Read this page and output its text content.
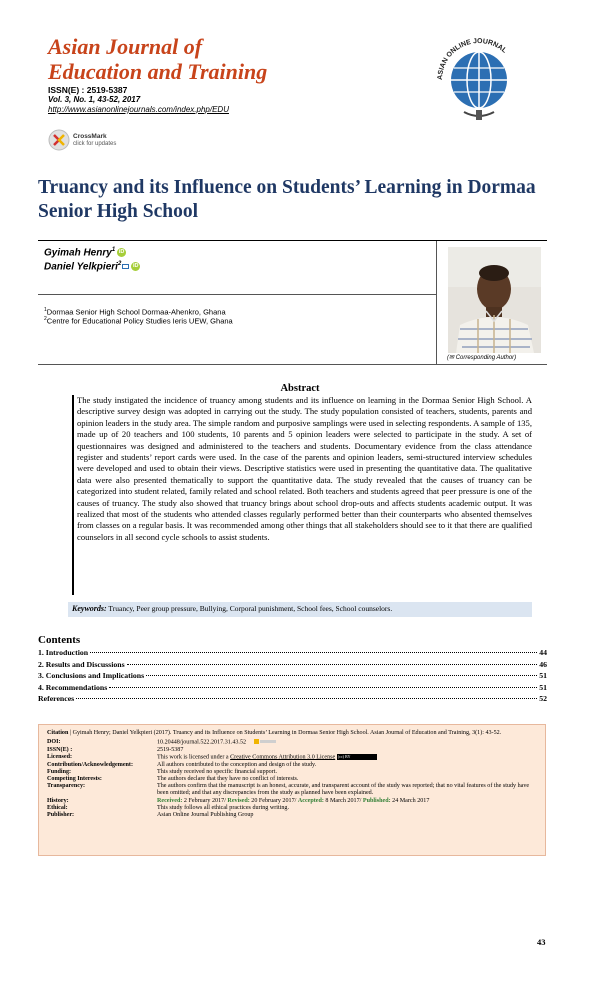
Asian Journal of
Education and Training
ISSN(E) : 2519-5387
Vol. 3, No. 1, 43-52, 2017
http://www.asianonlinejournals.com/index.php/EDU
CrossMark
click for updates
ASIAN ONLINE JOURNAL
Truancy and its Influence on Students’ Learning in Dormaa Senior High School
Gyimah Henry$^1$ iD
Daniel Yelkpieri$^2$ iD
$^1$Dormaa Senior High School Dormaa-Ahenkro, Ghana
$^2$Centre for Educational Policy Studies Ieris UEW, Ghana
(✉ Corresponding Author)
Abstract
The study instigated the incidence of truancy among students and its influence on learning in the Dormaa Senior High School. A descriptive survey design was adopted in carrying out the study. The study population consisted of teachers, students, parents and opinion leaders in the study area. The simple random and purposive samplings were used in selecting respondents. A sample of 135, made up of 20 teachers and 100 students, 10 parents and 5 opinion leaders were selected to participate in the study. A set of questionnaires was designed and administered to the teachers and students. Documentary evidence from the class attendance register and students’ report cards were used. In the case of the parents and opinion leaders, semi-structured interview schedules were developed and used to obtain their views. Descriptive statistics were used in presenting the quantitative data. The qualitative data were also presented thematically to support the quantitative data. The study revealed that the causes of truancy can be categorized into student related, family related and school related. Both teachers and students agreed that peer pressure is one of the causes of truancy. The study also showed that truancy brings about school drop-outs and affects students academic output. It was realized that most of the students who attended classes regularly performed better than their counterparts who absented themselves from classes on a regular basis. It was recommended among other things that all stakeholders should see to it that there are qualified counselors in all second cycle schools to assist students.
Keywords: Truancy, Peer group pressure, Bullying, Corporal punishment, School fees, School counselors.
Contents
1. Introduction	44
2. Results and Discussions	46
3. Conclusions and Implications	51
4. Recommendations	51
References	52
Citation | Gyimah Henry; Daniel Yelkpieri (2017). Truancy and its Influence on Students’ Learning in Dormaa Senior High School. Asian Journal of Education and Training, 3(1): 43-52.
DOI:	10.20448/journal.522.2017.31.43.52
ISSN(E) :	2519-5387
Licensed:	This work is licensed under a Creative Commons Attribution 3.0 License (cc) BY
Contribution/Acknowledgement:	All authors contributed to the conception and design of the study.
Funding:	This study received no specific financial support.
Competing Interests:	The authors declare that they have no conflict of interests.
Transparency:	The authors confirm that the manuscript is an honest, accurate, and transparent account of the study was reported; that no vital features of the study have been omitted; and that any discrepancies from the study as planned have been explained.
History:	Received: 2 February 2017/ Revised: 20 February 2017/ Accepted: 8 March 2017/ Published: 24 March 2017
Ethical:	This study follows all ethical practices during writing.
Publisher:	Asian Online Journal Publishing Group
43
